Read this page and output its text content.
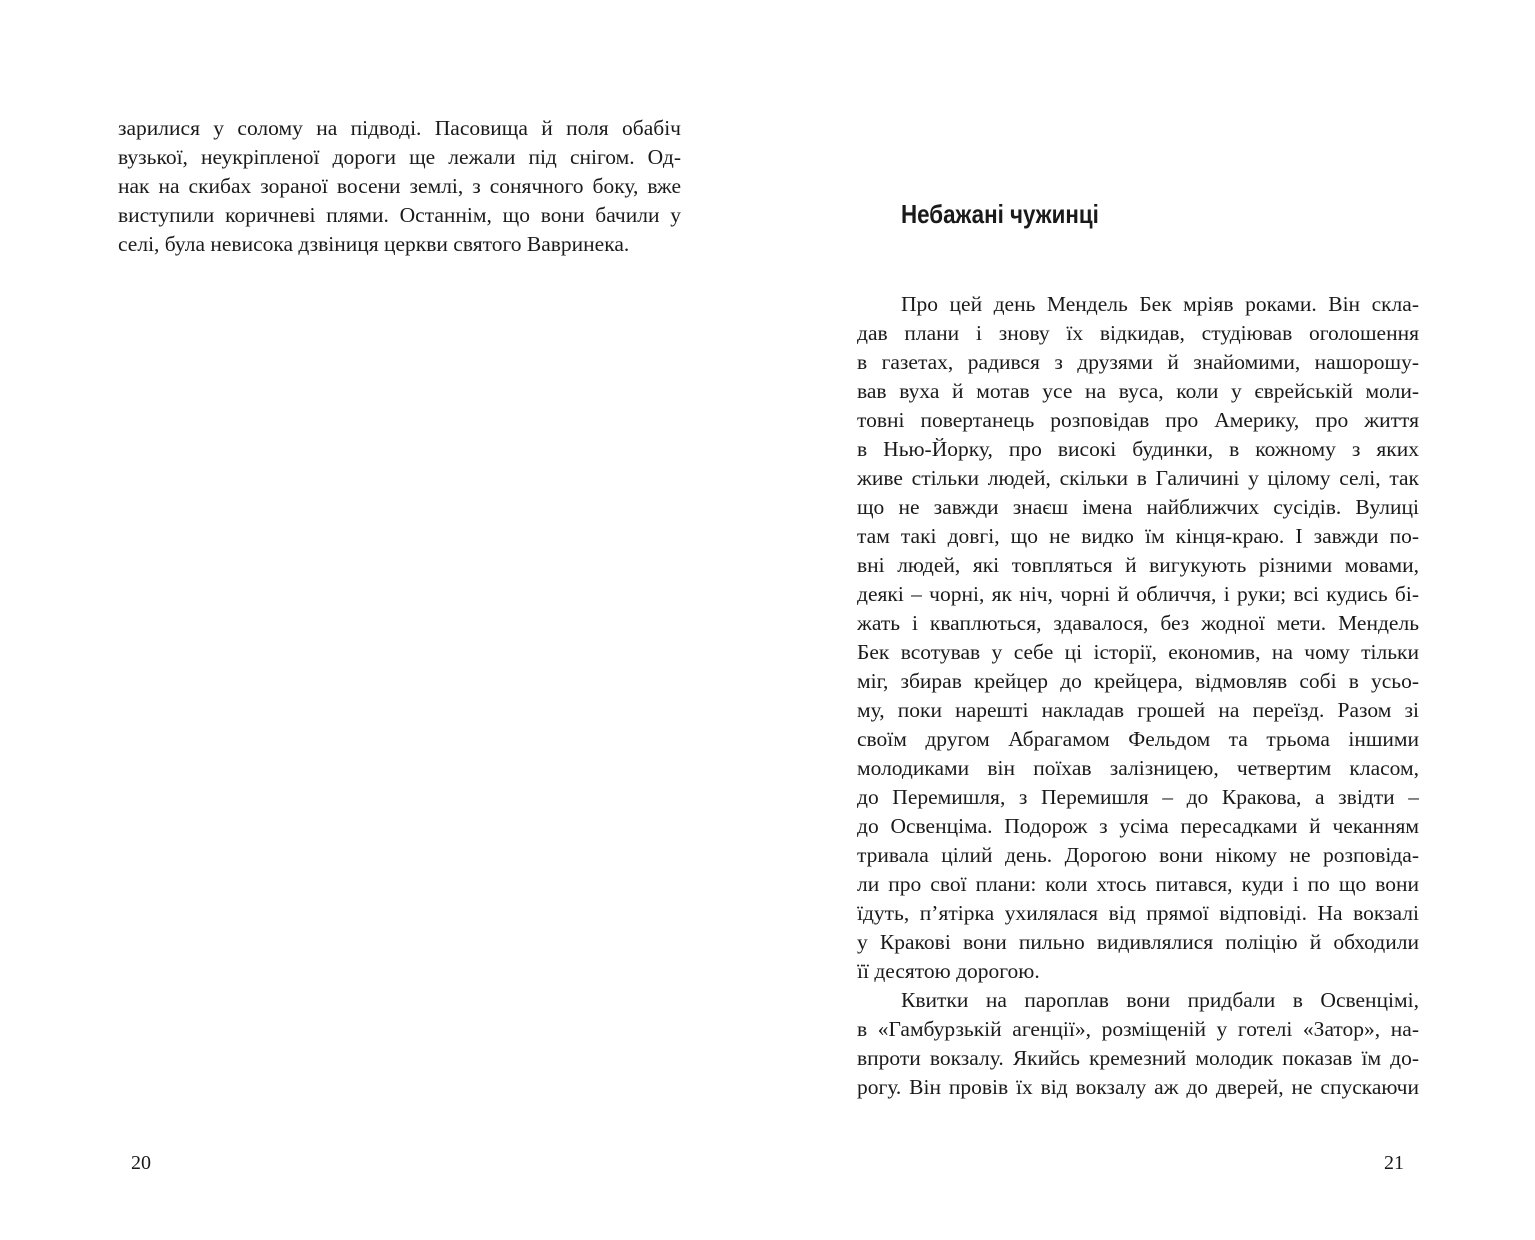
зарилися у солому на підводі. Пасовища й поля обабіч
вузької, неукріпленої дороги ще лежали під снігом. Од-
нак на скибах зораної восени землі, з сонячного боку, вже
виступили коричневі плями. Останнім, що вони бачили у
селі, була невисока дзвіниця церкви святого Вавринека.
20
Небажані чужинці
Про цей день Мендель Бек мріяв роками. Він скла-
дав плани і знову їх відкидав, студіював оголошення
в газетах, радився з друзями й знайомими, нашорошу-
вав вуха й мотав усе на вуса, коли у єврейській моли-
товні повертанець розповідав про Америку, про життя
в Нью-Йорку, про високі будинки, в кожному з яких
живе стільки людей, скільки в Галичині у цілому селі, так
що не завжди знаєш імена найближчих сусідів. Вулиці
там такі довгі, що не видко їм кінця-краю. І завжди по-
вні людей, які товпляться й вигукують різними мовами,
деякі – чорні, як ніч, чорні й обличчя, і руки; всі кудись бі-
жать і кваплються, здавалося, без жодної мети. Мендель
Бек всотував у себе ці історії, економив, на чому тільки
міг, збирав крейцер до крейцера, відмовляв собі в усьо-
му, поки нарешті накладав грошей на переїзд. Разом зі
своїм другом Абрагамом Фельдом та трьома іншими
молодиками він поїхав залізницею, четвертим класом,
до Перемишля, з Перемишля – до Кракова, а звідти –
до Освенціма. Подорож з усіма пересадками й чеканням
тривала цілий день. Дорогою вони нікому не розповіда-
ли про свої плани: коли хтось питався, куди і по що вони
їдуть, п’ятірка ухилялася від прямої відповіді. На вокзалі
у Кракові вони пильно видивлялися поліцію й обходили
її десятою дорогою.
Квитки на пароплав вони придбали в Освенцімі,
в «Гамбурзькій агенції», розміщеній у готелі «Затор», на-
впроти вокзалу. Якийсь кремезний молодик показав їм до-
рогу. Він провів їх від вокзалу аж до дверей, не спускаючи
21
